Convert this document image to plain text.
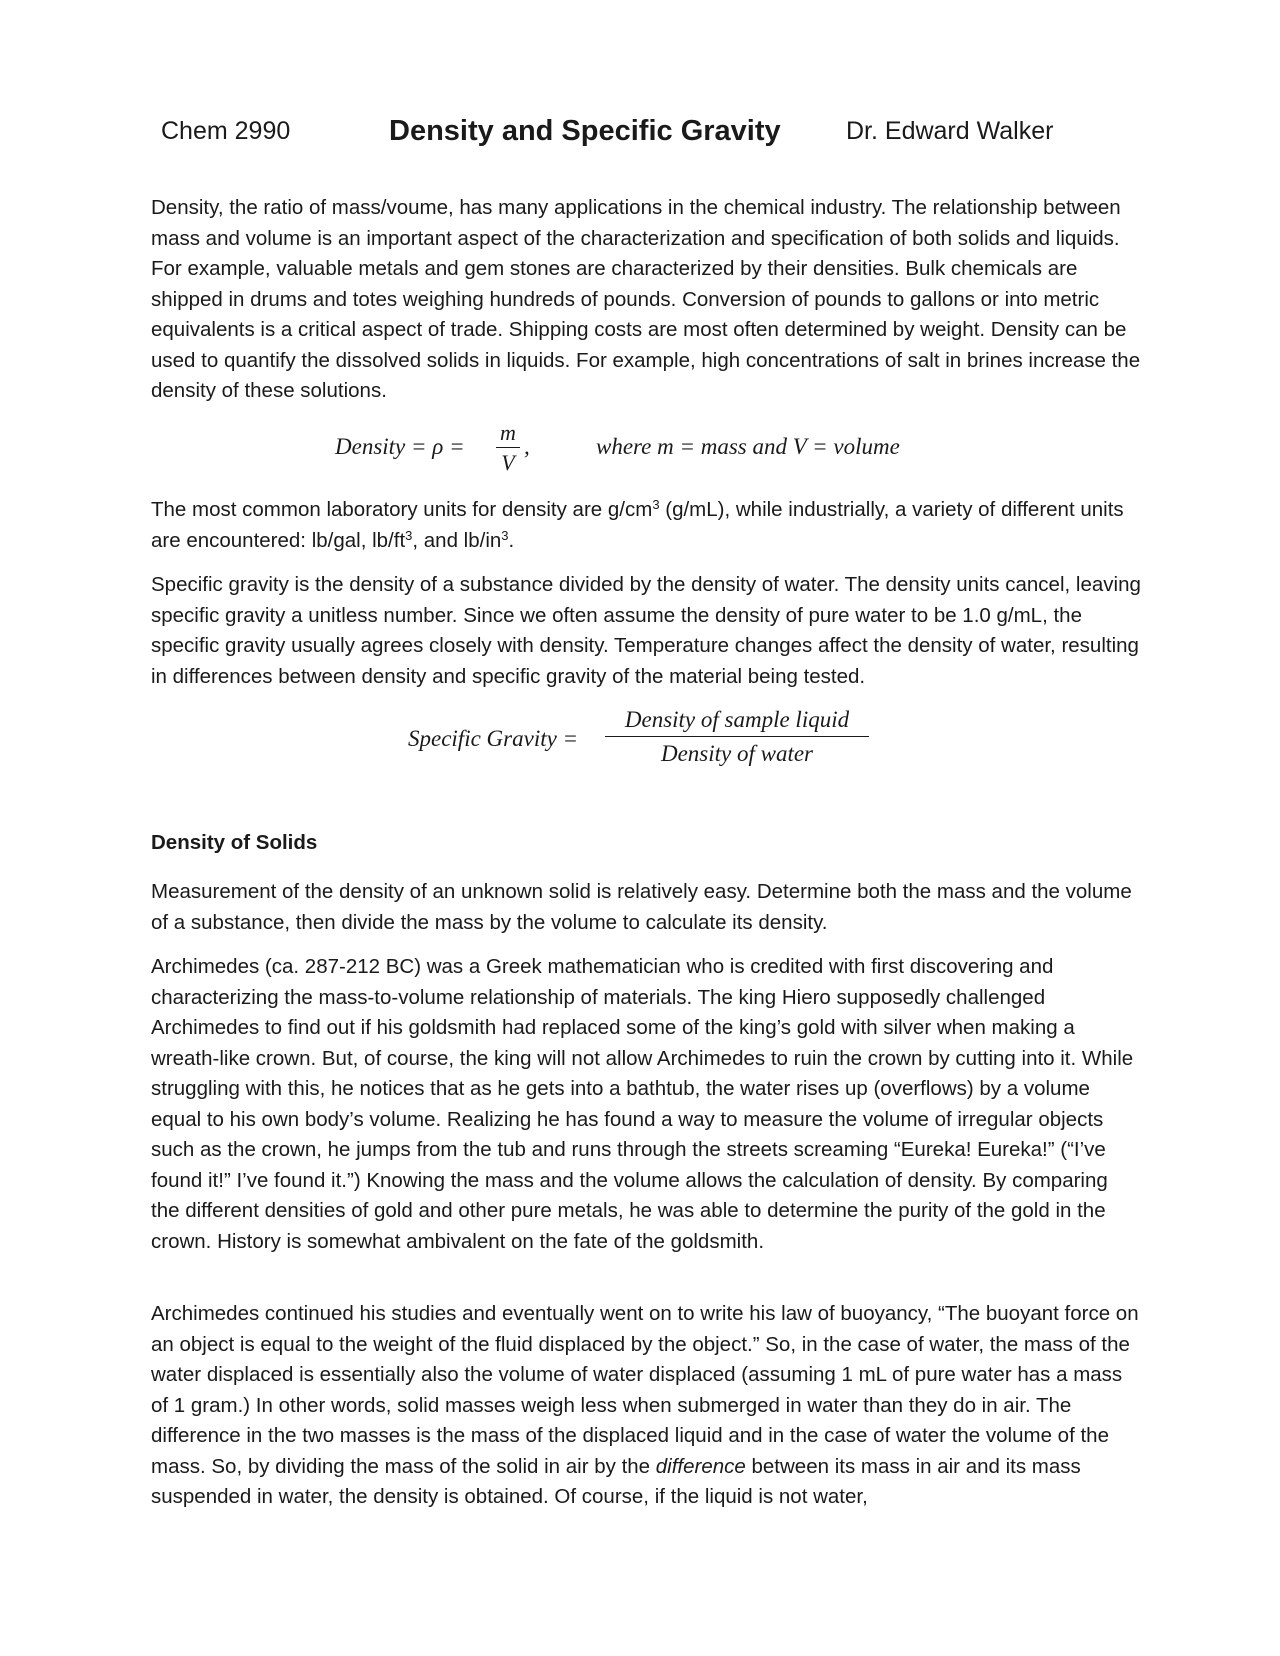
Chem 2990	Density and Specific Gravity	Dr. Edward Walker

Density, the ratio of mass/voume, has many applications in the chemical industry. The relationship between mass and volume is an important aspect of the characterization and specification of both solids and liquids. For example, valuable metals and gem stones are characterized by their densities. Bulk chemicals are shipped in drums and totes weighing hundreds of pounds. Conversion of pounds to gallons or into metric equivalents is a critical aspect of trade. Shipping costs are most often determined by weight. Density can be used to quantify the dissolved solids in liquids. For example, high concentrations of salt in brines increase the density of these solutions.

Density = ρ =
m
V
,	where m = mass and V = volume

The most common laboratory units for density are $g/cm^3$ (g/mL), while industrially, a variety of different units are encountered: lb/gal, $lb/ft^3$, and $lb/in^3$.

Specific gravity is the density of a substance divided by the density of water. The density units cancel, leaving specific gravity a unitless number. Since we often assume the density of pure water to be 1.0 g/mL, the specific gravity usually agrees closely with density. Temperature changes affect the density of water, resulting in differences between density and specific gravity of the material being tested.

Specific Gravity =
Density of sample liquid
Density of water
Density of Solids

Measurement of the density of an unknown solid is relatively easy. Determine both the mass and the volume of a substance, then divide the mass by the volume to calculate its density.

Archimedes (ca. 287-212 BC) was a Greek mathematician who is credited with first discovering and characterizing the mass-to-volume relationship of materials. The king Hiero supposedly challenged Archimedes to find out if his goldsmith had replaced some of the king’s gold with silver when making a wreath-like crown. But, of course, the king will not allow Archimedes to ruin the crown by cutting into it. While struggling with this, he notices that as he gets into a bathtub, the water rises up (overflows) by a volume equal to his own body’s volume. Realizing he has found a way to measure the volume of irregular objects such as the crown, he jumps from the tub and runs through the streets screaming “Eureka! Eureka!” (“I’ve found it!” I’ve found it.”) Knowing the mass and the volume allows the calculation of density. By comparing the different densities of gold and other pure metals, he was able to determine the purity of the gold in the crown. History is somewhat ambivalent on the fate of the goldsmith.

Archimedes continued his studies and eventually went on to write his law of buoyancy, “The buoyant force on an object is equal to the weight of the fluid displaced by the object.” So, in the case of water, the mass of the water displaced is essentially also the volume of water displaced (assuming 1 mL of pure water has a mass of 1 gram.) In other words, solid masses weigh less when submerged in water than they do in air. The difference in the two masses is the mass of the displaced liquid and in the case of water the volume of the mass. So, by dividing the mass of the solid in air by the difference between its mass in air and its mass suspended in water, the density is obtained. Of course, if the liquid is not water,
